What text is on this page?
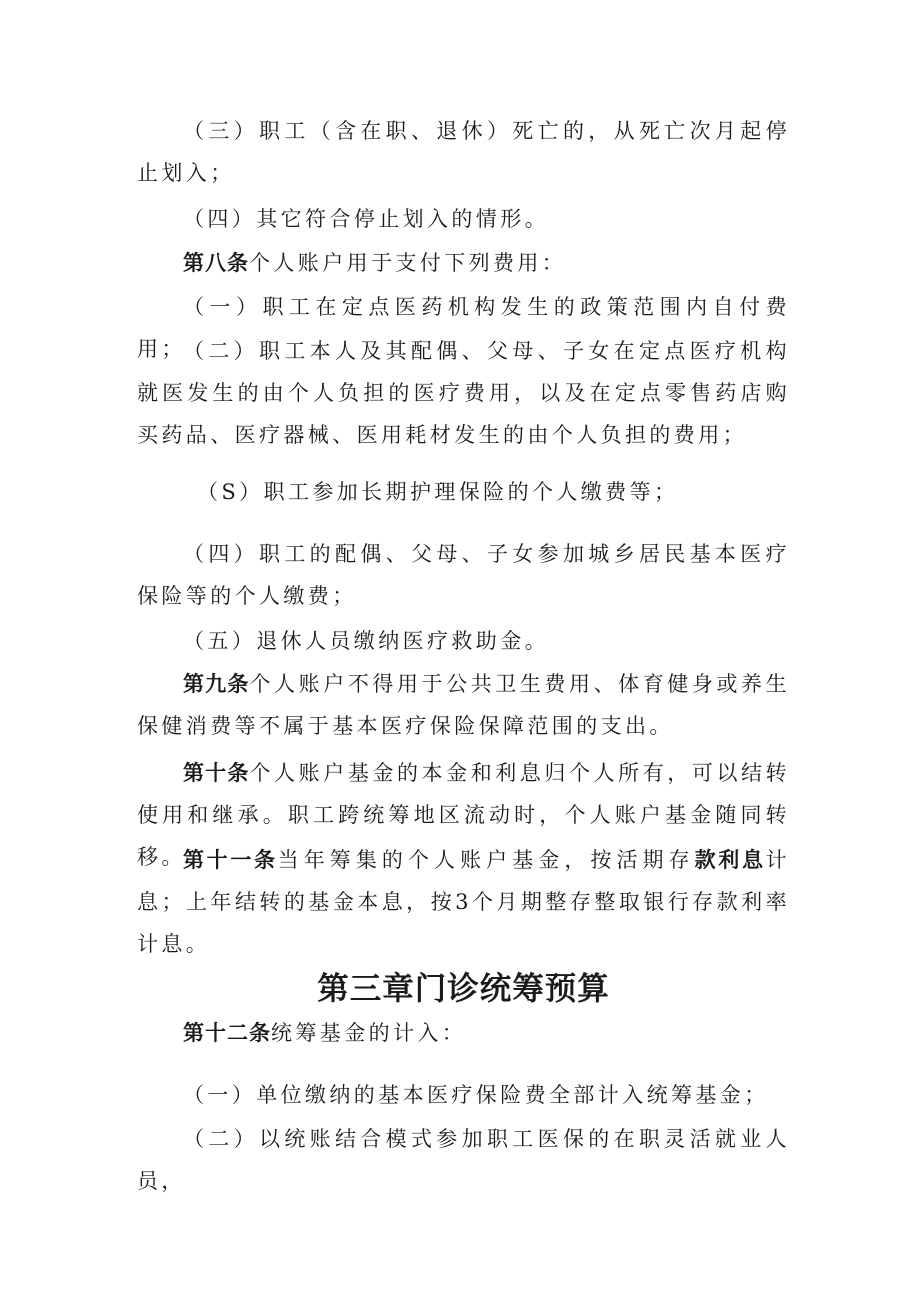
（三）职工（含在职、退休）死亡的，从死亡次月起停止划入；

（四）其它符合停止划入的情形。

第八条个人账户用于支付下列费用：

（一）职工在定点医药机构发生的政策范围内自付费用；

（二）职工本人及其配偶、父母、子女在定点医疗机构就医发生的由个人负担的医疗费用，以及在定点零售药店购买药品、医疗器械、医用耗材发生的由个人负担的费用；

（S）职工参加长期护理保险的个人缴费等；

（四）职工的配偶、父母、子女参加城乡居民基本医疗保险等的个人缴费；

（五）退休人员缴纳医疗救助金。

第九条个人账户不得用于公共卫生费用、体育健身或养生保健消费等不属于基本医疗保险保障范围的支出。

第十条个人账户基金的本金和利息归个人所有，可以结转使用和继承。职工跨统筹地区流动时，个人账户基金随同转移。

第十一条当年筹集的个人账户基金，按活期存款利息计息；上年结转的基金本息，按3个月期整存整取银行存款利率计息。

第三章门诊统筹预算

第十二条统筹基金的计入：

（一）单位缴纳的基本医疗保险费全部计入统筹基金；

（二）以统账结合模式参加职工医保的在职灵活就业人员，
